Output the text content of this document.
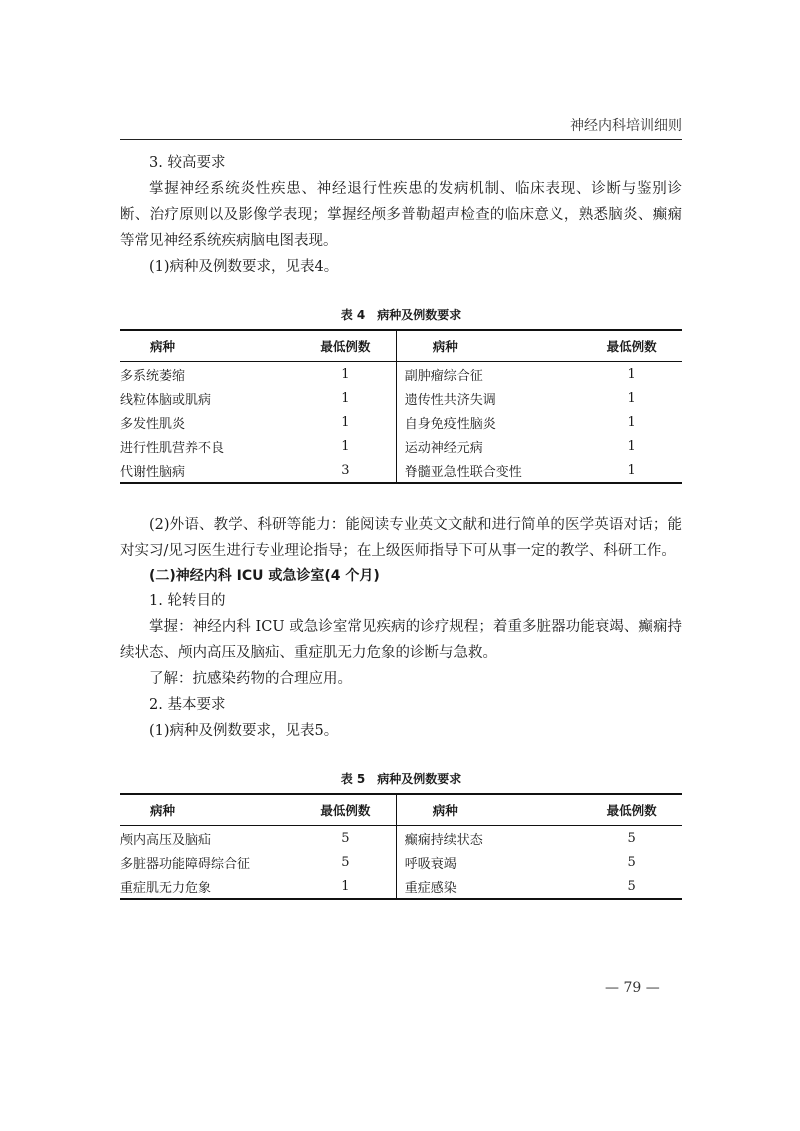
神经内科培训细则
3. 较高要求

掌握神经系统炎性疾患、神经退行性疾患的发病机制、临床表现、诊断与鉴别诊断、治疗原则以及影像学表现；掌握经颅多普勒超声检查的临床意义，熟悉脑炎、癫痫等常见神经系统疾病脑电图表现。

(1)病种及例数要求，见表4。

表 4　病种及例数要求
病种	最低例数	病种	最低例数
多系统萎缩	1	副肿瘤综合征	1
线粒体脑或肌病	1	遗传性共济失调	1
多发性肌炎	1	自身免疫性脑炎	1
进行性肌营养不良	1	运动神经元病	1
代谢性脑病	3	脊髓亚急性联合变性	1

(2)外语、教学、科研等能力：能阅读专业英文文献和进行简单的医学英语对话；能对实习/见习医生进行专业理论指导；在上级医师指导下可从事一定的教学、科研工作。

(二)神经内科 ICU 或急诊室(4 个月)
1. 轮转目的

掌握：神经内科 ICU 或急诊室常见疾病的诊疗规程；着重多脏器功能衰竭、癫痫持续状态、颅内高压及脑疝、重症肌无力危象的诊断与急救。

了解：抗感染药物的合理应用。

2. 基本要求

(1)病种及例数要求，见表5。

表 5　病种及例数要求
病种	最低例数	病种	最低例数
颅内高压及脑疝	5	癫痫持续状态	5
多脏器功能障碍综合征	5	呼吸衰竭	5
重症肌无力危象	1	重症感染	5
— 79 —
